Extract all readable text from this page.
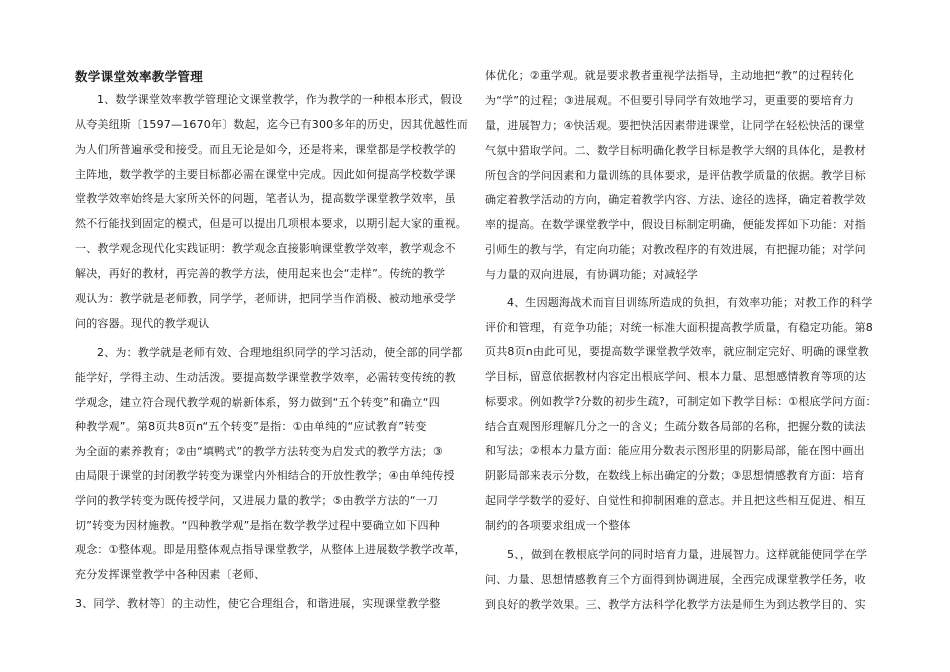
数学课堂效率教学管理
1、数学课堂效率教学管理论文课堂教学，作为教学的一种根本形式，假设
从夸美纽斯〔1597—1670年〕数起，迄今已有300多年的历史，因其优越性而
为人们所普遍承受和接受。而且无论是如今，还是将来，课堂都是学校教学的
主阵地，数学教学的主要目标都必需在课堂中完成。因此如何提高学校数学课
堂教学效率始终是大家所关怀的问题，笔者认为，提高数学课堂教学效率，虽
然不行能找到固定的模式，但是可以提出几项根本要求，以期引起大家的重视。
一、教学观念现代化实践证明：教学观念直接影响课堂教学效率，教学观念不
解决，再好的教材，再完善的教学方法，使用起来也会“走样”。传统的教学
观认为：教学就是老师教，同学学，老师讲，把同学当作消极、被动地承受学
问的容器。现代的教学观认
2、为：教学就是老师有效、合理地组织同学的学习活动，使全部的同学都
能学好，学得主动、生动活泼。要提高数学课堂教学效率，必需转变传统的教
学观念，建立符合现代教学观的崭新体系，努力做到“五个转变”和确立“四
种教学观”。第8页共8页n“五个转变”是指：①由单纯的“应试教育”转变
为全面的素养教育；②由“填鸭式”的教学方法转变为启发式的教学方法；③
由局限于课堂的封闭教学转变为课堂内外相结合的开放性教学；④由单纯传授
学问的教学转变为既传授学问，又进展力量的教学；⑤由教学方法的“一刀
切”转变为因材施教。“四种教学观”是指在数学教学过程中要确立如下四种
观念：①整体观。即是用整体观点指导课堂教学，从整体上进展数学教学改革，
充分发挥课堂教学中各种因素〔老师、
3、同学、教材等〕的主动性，使它合理组合，和谐进展，实现课堂教学整
体优化；②重学观。就是要求教者重视学法指导，主动地把“教”的过程转化
为“学”的过程；③进展观。不但要引导同学有效地学习，更重要的要培育力
量，进展智力；④快活观。要把快活因素带进课堂，让同学在轻松快活的课堂
气氛中猎取学问。二、数学目标明确化教学目标是教学大纲的具体化，是教材
所包含的学问因素和力量训练的具体要求，是评估教学质量的依据。教学目标
确定着教学活动的方向，确定着教学内容、方法、途径的选择，确定着教学效
率的提高。在数学课堂教学中，假设目标制定明确，便能发挥如下功能：对指
引师生的教与学，有定向功能；对教改程序的有效进展，有把握功能；对学问
与力量的双向进展，有协调功能；对减轻学
4、生因题海战术而盲目训练所造成的负担，有效率功能；对教工作的科学
评价和管理，有竞争功能；对统一标准大面积提高教学质量，有稳定功能。第8
页共8页n由此可见，要提高数学课堂教学效率，就应制定完好、明确的课堂教
学目标，留意依据教材内容定出根底学问、根本力量、思想感情教育等项的达
标要求。例如教学?分数的初步生疏?，可制定如下教学目标：①根底学问方面：
结合直观图形理解几分之一的含义；生疏分数各局部的名称，把握分数的读法
和写法；②根本力量方面：能应用分数表示图形里的阴影局部，能在图中画出
阴影局部来表示分数，在数线上标出确定的分数；③思想情感教育方面：培育
起同学学数学的爱好、自觉性和抑制困难的意志。并且把这些相互促进、相互
制约的各项要求组成一个整体
5、，做到在教根底学问的同时培育力量，进展智力。这样就能使同学在学
问、力量、思想情感教育三个方面得到协调进展，全西完成课堂教学任务，收
到良好的教学效果。三、教学方法科学化教学方法是师生为到达教学目的、实
